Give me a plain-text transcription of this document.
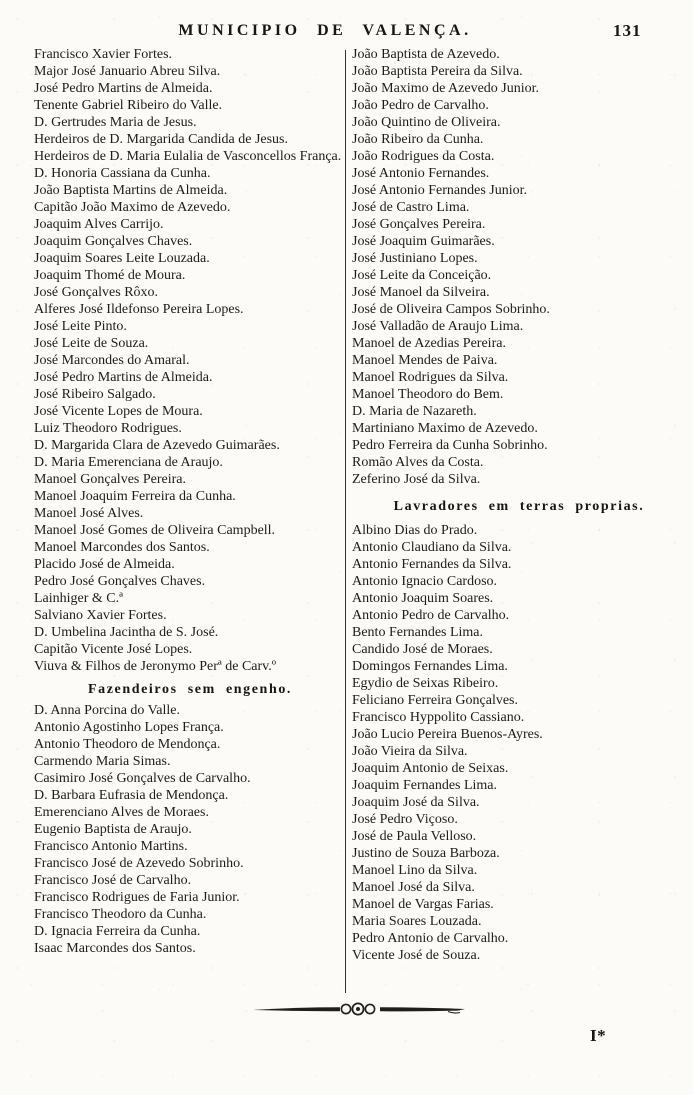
MUNICIPIO DE VALENÇA.	131
Francisco Xavier Fortes.
Major José Januario Abreu Silva.
José Pedro Martins de Almeida.
Tenente Gabriel Ribeiro do Valle.
D. Gertrudes Maria de Jesus.
Herdeiros de D. Margarida Candida de Jesus.
Herdeiros de D. Maria Eulalia de Vasconcellos França.
D. Honoria Cassiana da Cunha.
João Baptista Martins de Almeida.
Capitão João Maximo de Azevedo.
Joaquim Alves Carrijo.
Joaquim Gonçalves Chaves.
Joaquim Soares Leite Louzada.
Joaquim Thomé de Moura.
José Gonçalves Rôxo.
Alferes José Ildefonso Pereira Lopes.
José Leite Pinto.
José Leite de Souza.
José Marcondes do Amaral.
José Pedro Martins de Almeida.
José Ribeiro Salgado.
José Vicente Lopes de Moura.
Luiz Theodoro Rodrigues.
D. Margarida Clara de Azevedo Guimarães.
D. Maria Emerenciana de Araujo.
Manoel Gonçalves Pereira.
Manoel Joaquim Ferreira da Cunha.
Manoel José Alves.
Manoel José Gomes de Oliveira Campbell.
Manoel Marcondes dos Santos.
Placido José de Almeida.
Pedro José Gonçalves Chaves.
Lainhiger & C.ª
Salviano Xavier Fortes.
D. Umbelina Jacintha de S. José.
Capitão Vicente José Lopes.
Viuva & Filhos de Jeronymo Perª de Carv.º
Fazendeiros sem engenho.
D. Anna Porcina do Valle.
Antonio Agostinho Lopes França.
Antonio Theodoro de Mendonça.
Carmendo Maria Simas.
Casimiro José Gonçalves de Carvalho.
D. Barbara Eufrasia de Mendonça.
Emerenciano Alves de Moraes.
Eugenio Baptista de Araujo.
Francisco Antonio Martins.
Francisco José de Azevedo Sobrinho.
Francisco José de Carvalho.
Francisco Rodrigues de Faria Junior.
Francisco Theodoro da Cunha.
D. Ignacia Ferreira da Cunha.
Isaac Marcondes dos Santos.
João Baptista de Azevedo.
João Baptista Pereira da Silva.
João Maximo de Azevedo Junior.
João Pedro de Carvalho.
João Quintino de Oliveira.
João Ribeiro da Cunha.
João Rodrigues da Costa.
José Antonio Fernandes.
José Antonio Fernandes Junior.
José de Castro Lima.
José Gonçalves Pereira.
José Joaquim Guimarães.
José Justiniano Lopes.
José Leite da Conceição.
José Manoel da Silveira.
José de Oliveira Campos Sobrinho.
José Valladão de Araujo Lima.
Manoel de Azedias Pereira.
Manoel Mendes de Paiva.
Manoel Rodrigues da Silva.
Manoel Theodoro do Bem.
D. Maria de Nazareth.
Martiniano Maximo de Azevedo.
Pedro Ferreira da Cunha Sobrinho.
Romão Alves da Costa.
Zeferino José da Silva.
Lavradores em terras proprias.
Albino Dias do Prado.
Antonio Claudiano da Silva.
Antonio Fernandes da Silva.
Antonio Ignacio Cardoso.
Antonio Joaquim Soares.
Antonio Pedro de Carvalho.
Bento Fernandes Lima.
Candido José de Moraes.
Domingos Fernandes Lima.
Egydio de Seixas Ribeiro.
Feliciano Ferreira Gonçalves.
Francisco Hyppolito Cassiano.
João Lucio Pereira Buenos-Ayres.
João Vieira da Silva.
Joaquim Antonio de Seixas.
Joaquim Fernandes Lima.
Joaquim José da Silva.
José Pedro Viçoso.
José de Paula Velloso.
Justino de Souza Barboza.
Manoel Lino da Silva.
Manoel José da Silva.
Manoel de Vargas Farias.
Maria Soares Louzada.
Pedro Antonio de Carvalho.
Vicente José de Souza.
I*
